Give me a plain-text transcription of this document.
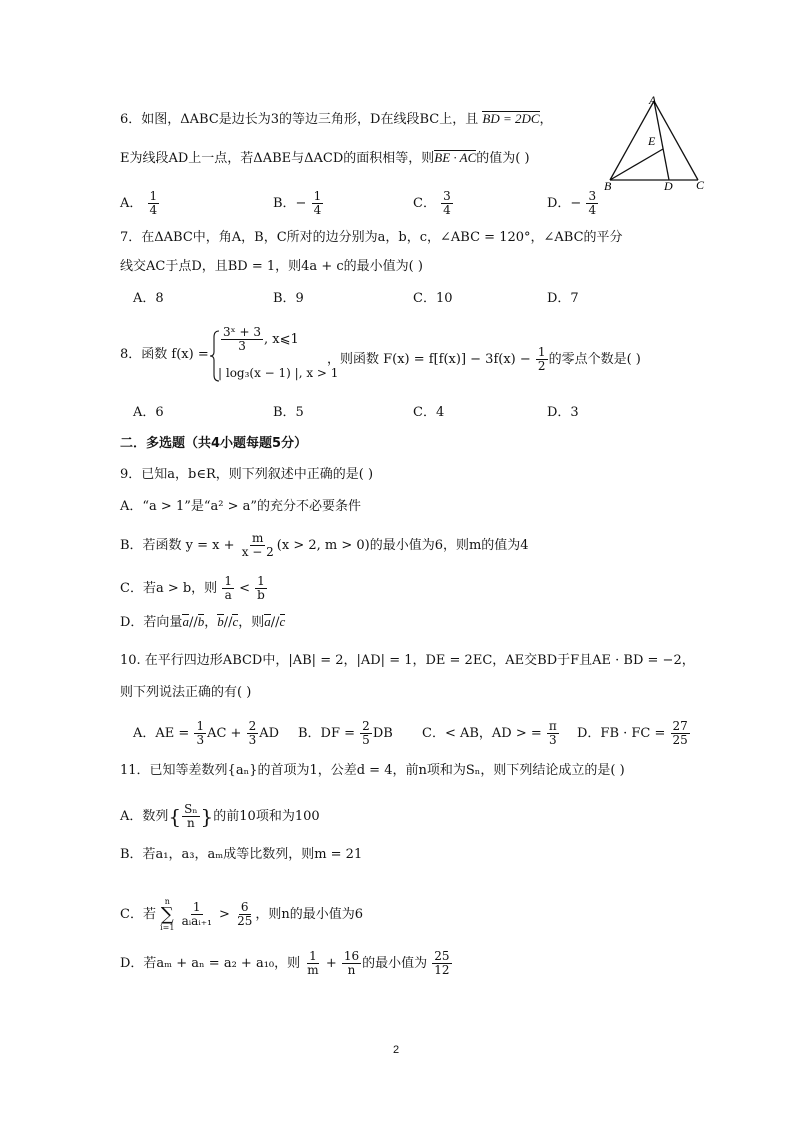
6．如图，ΔABC是边长为3的等边三角形，D在线段BC上，且 BD = 2DC，
E为线段AD上一点，若ΔABE与ΔACD的面积相等，则BE · AC的值为( )
A
E
B	D C
A． $\frac{1}{4}$	B．− $\frac{1}{4}$	C． $\frac{3}{4}$	D．− $\frac{3}{4}$
7．在ΔABC中，角A，B，C所对的边分别为a，b，c，∠ABC = 120°，∠ABC的平分
线交AC于点D，且BD = 1，则4a + c的最小值为( )
A．8	B．9	C．10	D．7
8．函数 f(x) =
$\frac{\text{3ˣ + 3}}{3}$ , x⩽1
| log₃(x − 1) |, x > 1
，则函数 $F(x) = f[f(x)] - 3f(x) - \frac{1}{2}$ 的零点个数是( )
A．6	B．5	C．4	D．3
二．多选题（共4小题每题5分）
9．已知a，b∈R，则下列叙述中正确的是( )
A．“a > 1”是“a² > a”的充分不必要条件
B．若函数 $y = x + \frac{m}{x - 2} (x > 2$, m > 0)的最小值为6，则m的值为4
C．若a > b，则 $\frac{1}{a} < \frac{1}{b}$
D．若向量a//b，b//c，则a//c
10. 在平行四边形ABCD中，|AB| = 2，|AD| = 1，DE = 2EC，AE交BD于F且AE · BD = −2，
则下列说法正确的有( )
A．AE = $\frac{1}{3}$ AC + $\frac{2}{3}$ AD B．DF = $\frac{2}{5}$ DB C．< AB，AD > = $\frac{\pi}{3}$ D．FB · FC = $\frac{27}{25}$
11．已知等差数列{aₙ}的首项为1，公差d = 4，前n项和为Sₙ，则下列结论成立的是( )
A．数列{ $\frac{\text{Sₙ}}{n}$ }的前10项和为100
B．若a₁，a₃，aₘ成等比数列，则m = 21
C．若
n
∑
i=1
$\frac{1}{\text{aᵢaᵢ₊₁}} > \frac{6}{25}$ ，则n的最小值为6
D．若aₘ + aₙ = a₂ + a₁₀，则 $\frac{1}{m} + \frac{16}{n}$ 的最小值为 $\frac{25}{12}$
2
